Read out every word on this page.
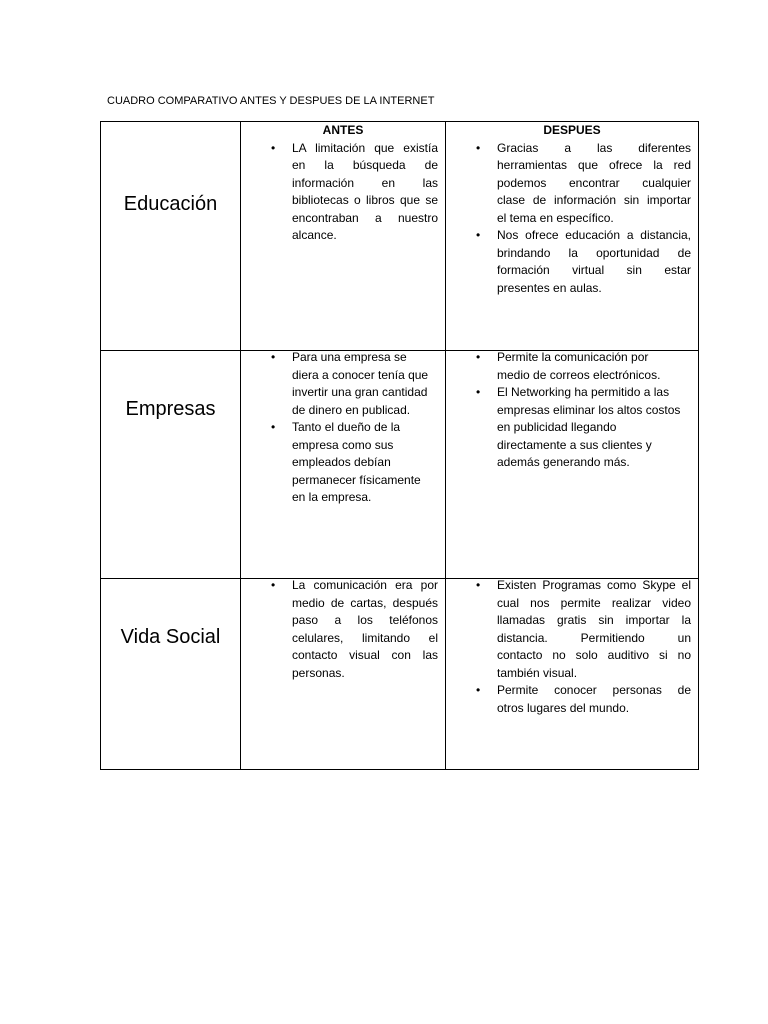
CUADRO COMPARATIVO ANTES Y DESPUES DE LA INTERNET
Educación
ANTES
• LA limitación que existía
en la búsqueda de
información en las
bibliotecas o libros que se
encontraban a nuestro
alcance.
DESPUES
• Gracias a las diferentes
herramientas que ofrece la red
podemos encontrar cualquier
clase de información sin importar
el tema en específico.
• Nos ofrece educación a distancia,
brindando la oportunidad de
formación virtual sin estar
presentes en aulas.
Empresas
• Para una empresa se
diera a conocer tenía que
invertir una gran cantidad
de dinero en publicad.
• Tanto el dueño de la
empresa como sus
empleados debían
permanecer físicamente
en la empresa.
• Permite la comunicación por
medio de correos electrónicos.
• El Networking ha permitido a las
empresas eliminar los altos costos
en publicidad llegando
directamente a sus clientes y
además generando más.
Vida Social
• La comunicación era por
medio de cartas, después
paso a los teléfonos
celulares, limitando el
contacto visual con las
personas.
• Existen Programas como Skype el
cual nos permite realizar video
llamadas gratis sin importar la
distancia. Permitiendo un
contacto no solo auditivo si no
también visual.
• Permite conocer personas de
otros lugares del mundo.
